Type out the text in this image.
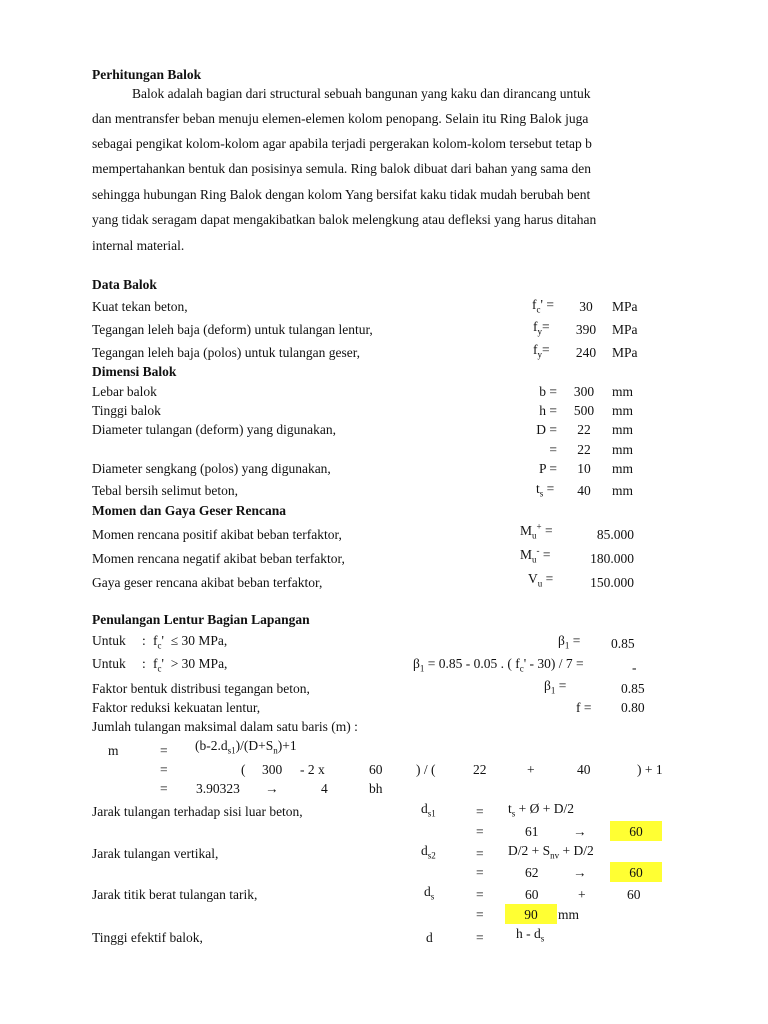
Perhitungan Balok
Balok adalah bagian dari structural sebuah bangunan yang kaku dan dirancang untuk
dan mentransfer beban menuju elemen-elemen kolom penopang. Selain itu Ring Balok juga
sebagai pengikat kolom-kolom agar apabila terjadi pergerakan kolom-kolom tersebut tetap b
mempertahankan bentuk dan posisinya semula. Ring balok dibuat dari bahan yang sama den
sehingga hubungan Ring Balok dengan kolom Yang bersifat kaku tidak mudah berubah bent
yang tidak seragam dapat mengakibatkan balok melengkung atau defleksi yang harus ditahan
internal material.
Data Balok
Kuat tekan beton,	$f_c'$ =	30	MPa
Tegangan leleh baja (deform) untuk tulangan lentur,	$f_y=$	390	MPa
Tegangan leleh baja (polos) untuk tulangan geser,	$f_y=$	240	MPa
Dimensi Balok
Lebar balok	b =	300	mm
Tinggi balok	h =	500	mm
Diameter tulangan (deform) yang digunakan,	D =	22	mm
=	22	mm
Diameter sengkang (polos) yang digunakan,	P =	10	mm
Tebal bersih selimut beton,	$t_s$ =	40	mm
Momen dan Gaya Geser Rencana
Momen rencana positif akibat beban terfaktor,	$M_u^+$ =	85.000
Momen rencana negatif akibat beban terfaktor,	$M_u^-$ =	180.000
Gaya geser rencana akibat beban terfaktor,	$V_u$ =	150.000
Penulangan Lentur Bagian Lapangan
Untuk : $f_c' \le 30$ MPa,	$\beta_1 = 0.85$
Untuk : $f_c' > 30$ MPa,	$\beta_1 = 0.85 - 0.05$ . ( $f_c' - 30) / 7$ =	-
Faktor bentuk distribusi tegangan beton,	$\beta_1$ =	0.85
Faktor reduksi kekuatan lentur,	f = 0.80
Jumlah tulangan maksimal dalam satu baris (m) :
m	= $(b-2.d_{s1})/(D+S_n)+1$
=	( 300 - 2 x	60 ) / (	22	+	40	) + 1
= 3.90323 →	4	bh
Jarak tulangan terhadap sisi luar beton,	$d_{s1}$	= $t_s$ + Ø + D/2
=	61	→	60
Jarak tulangan vertikal,	$d_{s2}$	= $D/2 + S_{nv} + D/2$
=	62	→	60
Jarak titik berat tulangan tarik,	$d_s$	=	60	+	60
=	90	mm
Tinggi efektif balok,	d	= h - $d_s$
